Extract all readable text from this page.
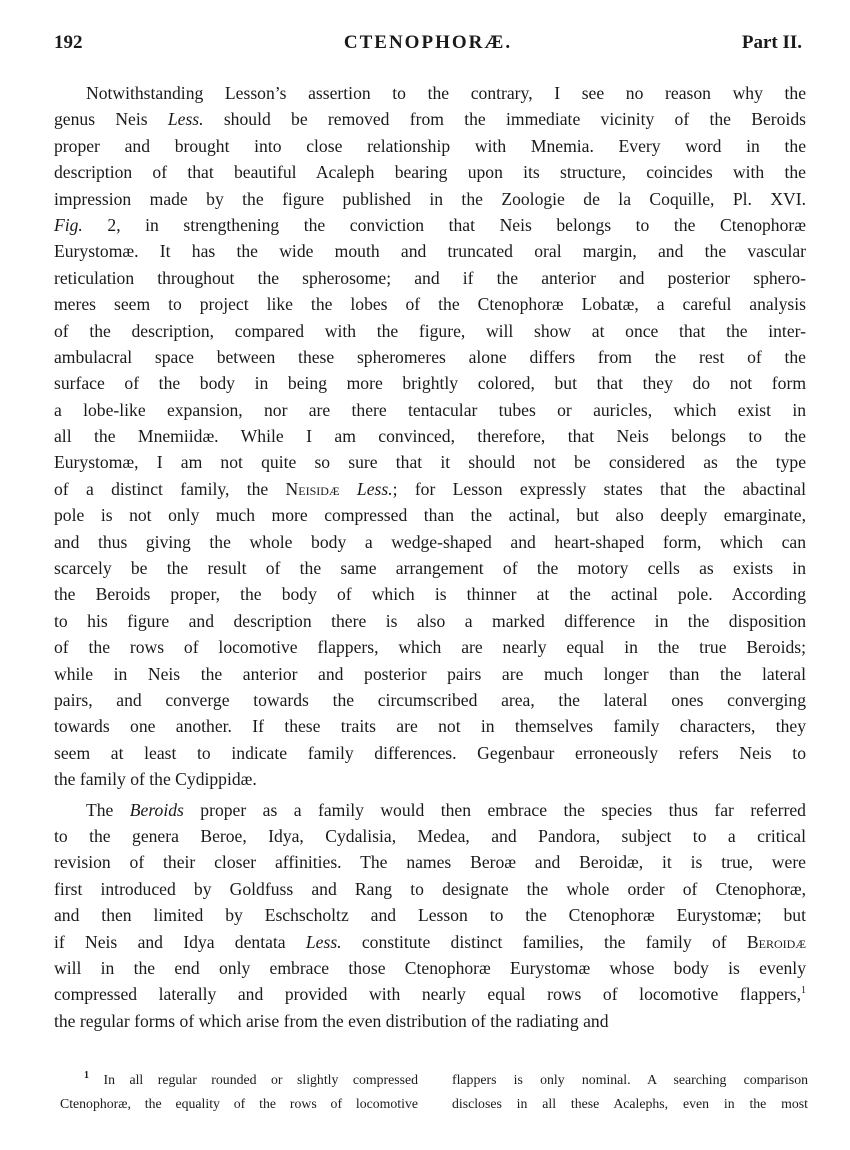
192	CTENOPHORÆ.	Part II.
Notwithstanding Lesson’s assertion to the contrary, I see no reason why the
genus Neis Less. should be removed from the immediate vicinity of the Beroids
proper and brought into close relationship with Mnemia. Every word in the
description of that beautiful Acaleph bearing upon its structure, coincides with the
impression made by the figure published in the Zoologie de la Coquille, Pl. XVI.
Fig. 2, in strengthening the conviction that Neis belongs to the Ctenophoræ
Eurystomæ. It has the wide mouth and truncated oral margin, and the vascular
reticulation throughout the spherosome; and if the anterior and posterior sphero-
meres seem to project like the lobes of the Ctenophoræ Lobatæ, a careful analysis
of the description, compared with the figure, will show at once that the inter-
ambulacral space between these spheromeres alone differs from the rest of the
surface of the body in being more brightly colored, but that they do not form
a lobe-like expansion, nor are there tentacular tubes or auricles, which exist in
all the Mnemiidæ. While I am convinced, therefore, that Neis belongs to the
Eurystomæ, I am not quite so sure that it should not be considered as the type
of a distinct family, the Neisidæ Less.; for Lesson expressly states that the abactinal
pole is not only much more compressed than the actinal, but also deeply emarginate,
and thus giving the whole body a wedge-shaped and heart-shaped form, which can
scarcely be the result of the same arrangement of the motory cells as exists in
the Beroids proper, the body of which is thinner at the actinal pole. According
to his figure and description there is also a marked difference in the disposition
of the rows of locomotive flappers, which are nearly equal in the true Beroids;
while in Neis the anterior and posterior pairs are much longer than the lateral
pairs, and converge towards the circumscribed area, the lateral ones converging
towards one another. If these traits are not in themselves family characters, they
seem at least to indicate family differences. Gegenbaur erroneously refers Neis to
the family of the Cydippidæ.
The Beroids proper as a family would then embrace the species thus far referred
to the genera Beroe, Idya, Cydalisia, Medea, and Pandora, subject to a critical
revision of their closer affinities. The names Beroæ and Beroidæ, it is true, were
first introduced by Goldfuss and Rang to designate the whole order of Ctenophoræ,
and then limited by Eschscholtz and Lesson to the Ctenophoræ Eurystomæ; but
if Neis and Idya dentata Less. constitute distinct families, the family of Beroidæ
will in the end only embrace those Ctenophoræ Eurystomæ whose body is evenly
compressed laterally and provided with nearly equal rows of locomotive flappers,$^1$
the regular forms of which arise from the even distribution of the radiating and
$^1$ In all regular rounded or slightly compressed
Ctenophoræ, the equality of the rows of locomotive
flappers is only nominal. A searching comparison
discloses in all these Acalephs, even in the most
